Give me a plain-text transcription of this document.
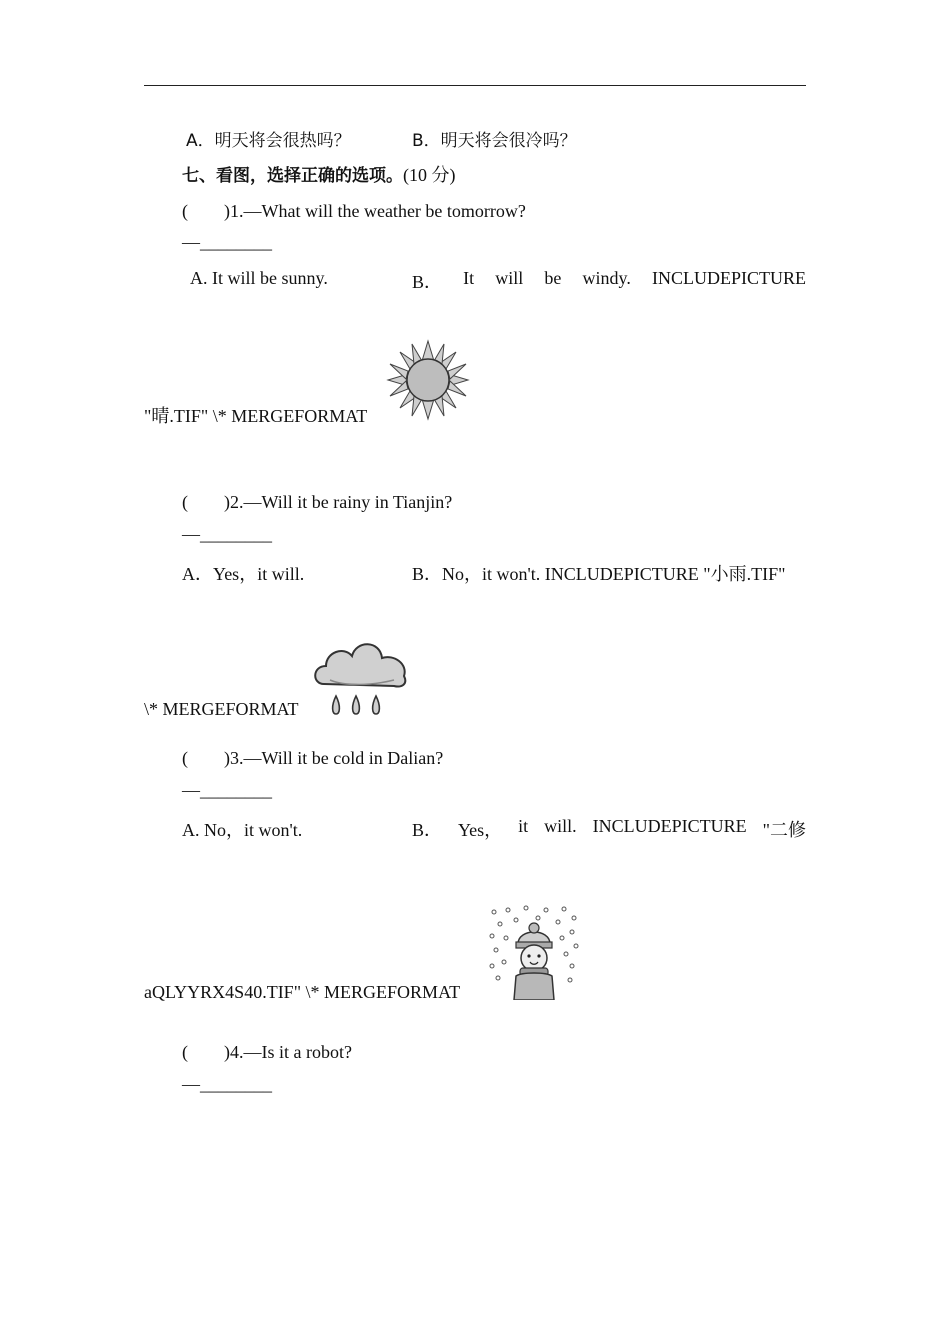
A．明天将会很热吗？	B．明天将会很冷吗？
七、看图，选择正确的选项。(10 分)
(　　)1.—What will the weather be tomorrow?
—________
A. It will be sunny.	B． It will be windy. INCLUDEPICTURE
"晴.TIF" \* MERGEFORMAT
(　　)2.—Will it be rainy in Tianjin?
—________
A．Yes，it will.	B．No，it won't. INCLUDEPICTURE "小雨.TIF"
\* MERGEFORMAT
(　　)3.—Will it be cold in Dalian?
—________
A. No，it won't.	B． Yes， it will. INCLUDEPICTURE "二修
aQLYYRX4S40.TIF" \* MERGEFORMAT
(　　)4.—Is it a robot?
—________
